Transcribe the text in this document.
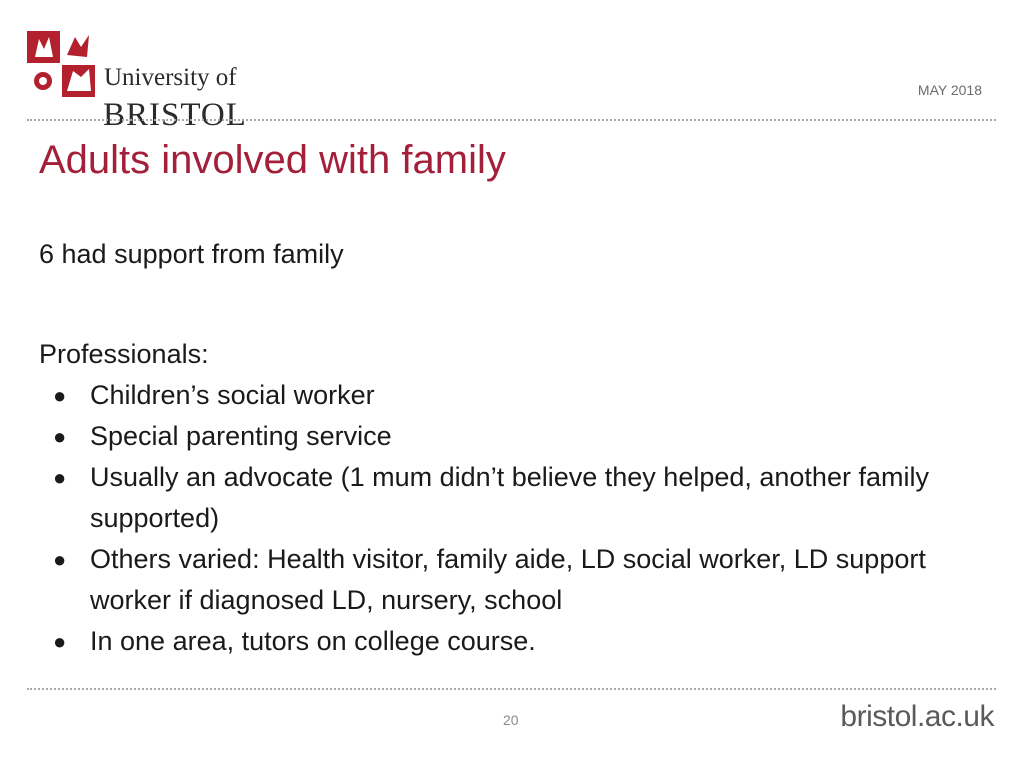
University of
BRISTOL
MAY 2018
Adults involved with family

6 had support from family

Professionals:

● Children’s social worker
● Special parenting service
● Usually an advocate (1 mum didn’t believe they helped, another family supported)
● Others varied: Health visitor, family aide, LD social worker, LD support worker if diagnosed LD, nursery, school
● In one area, tutors on college course.
20	bristol.ac.uk
